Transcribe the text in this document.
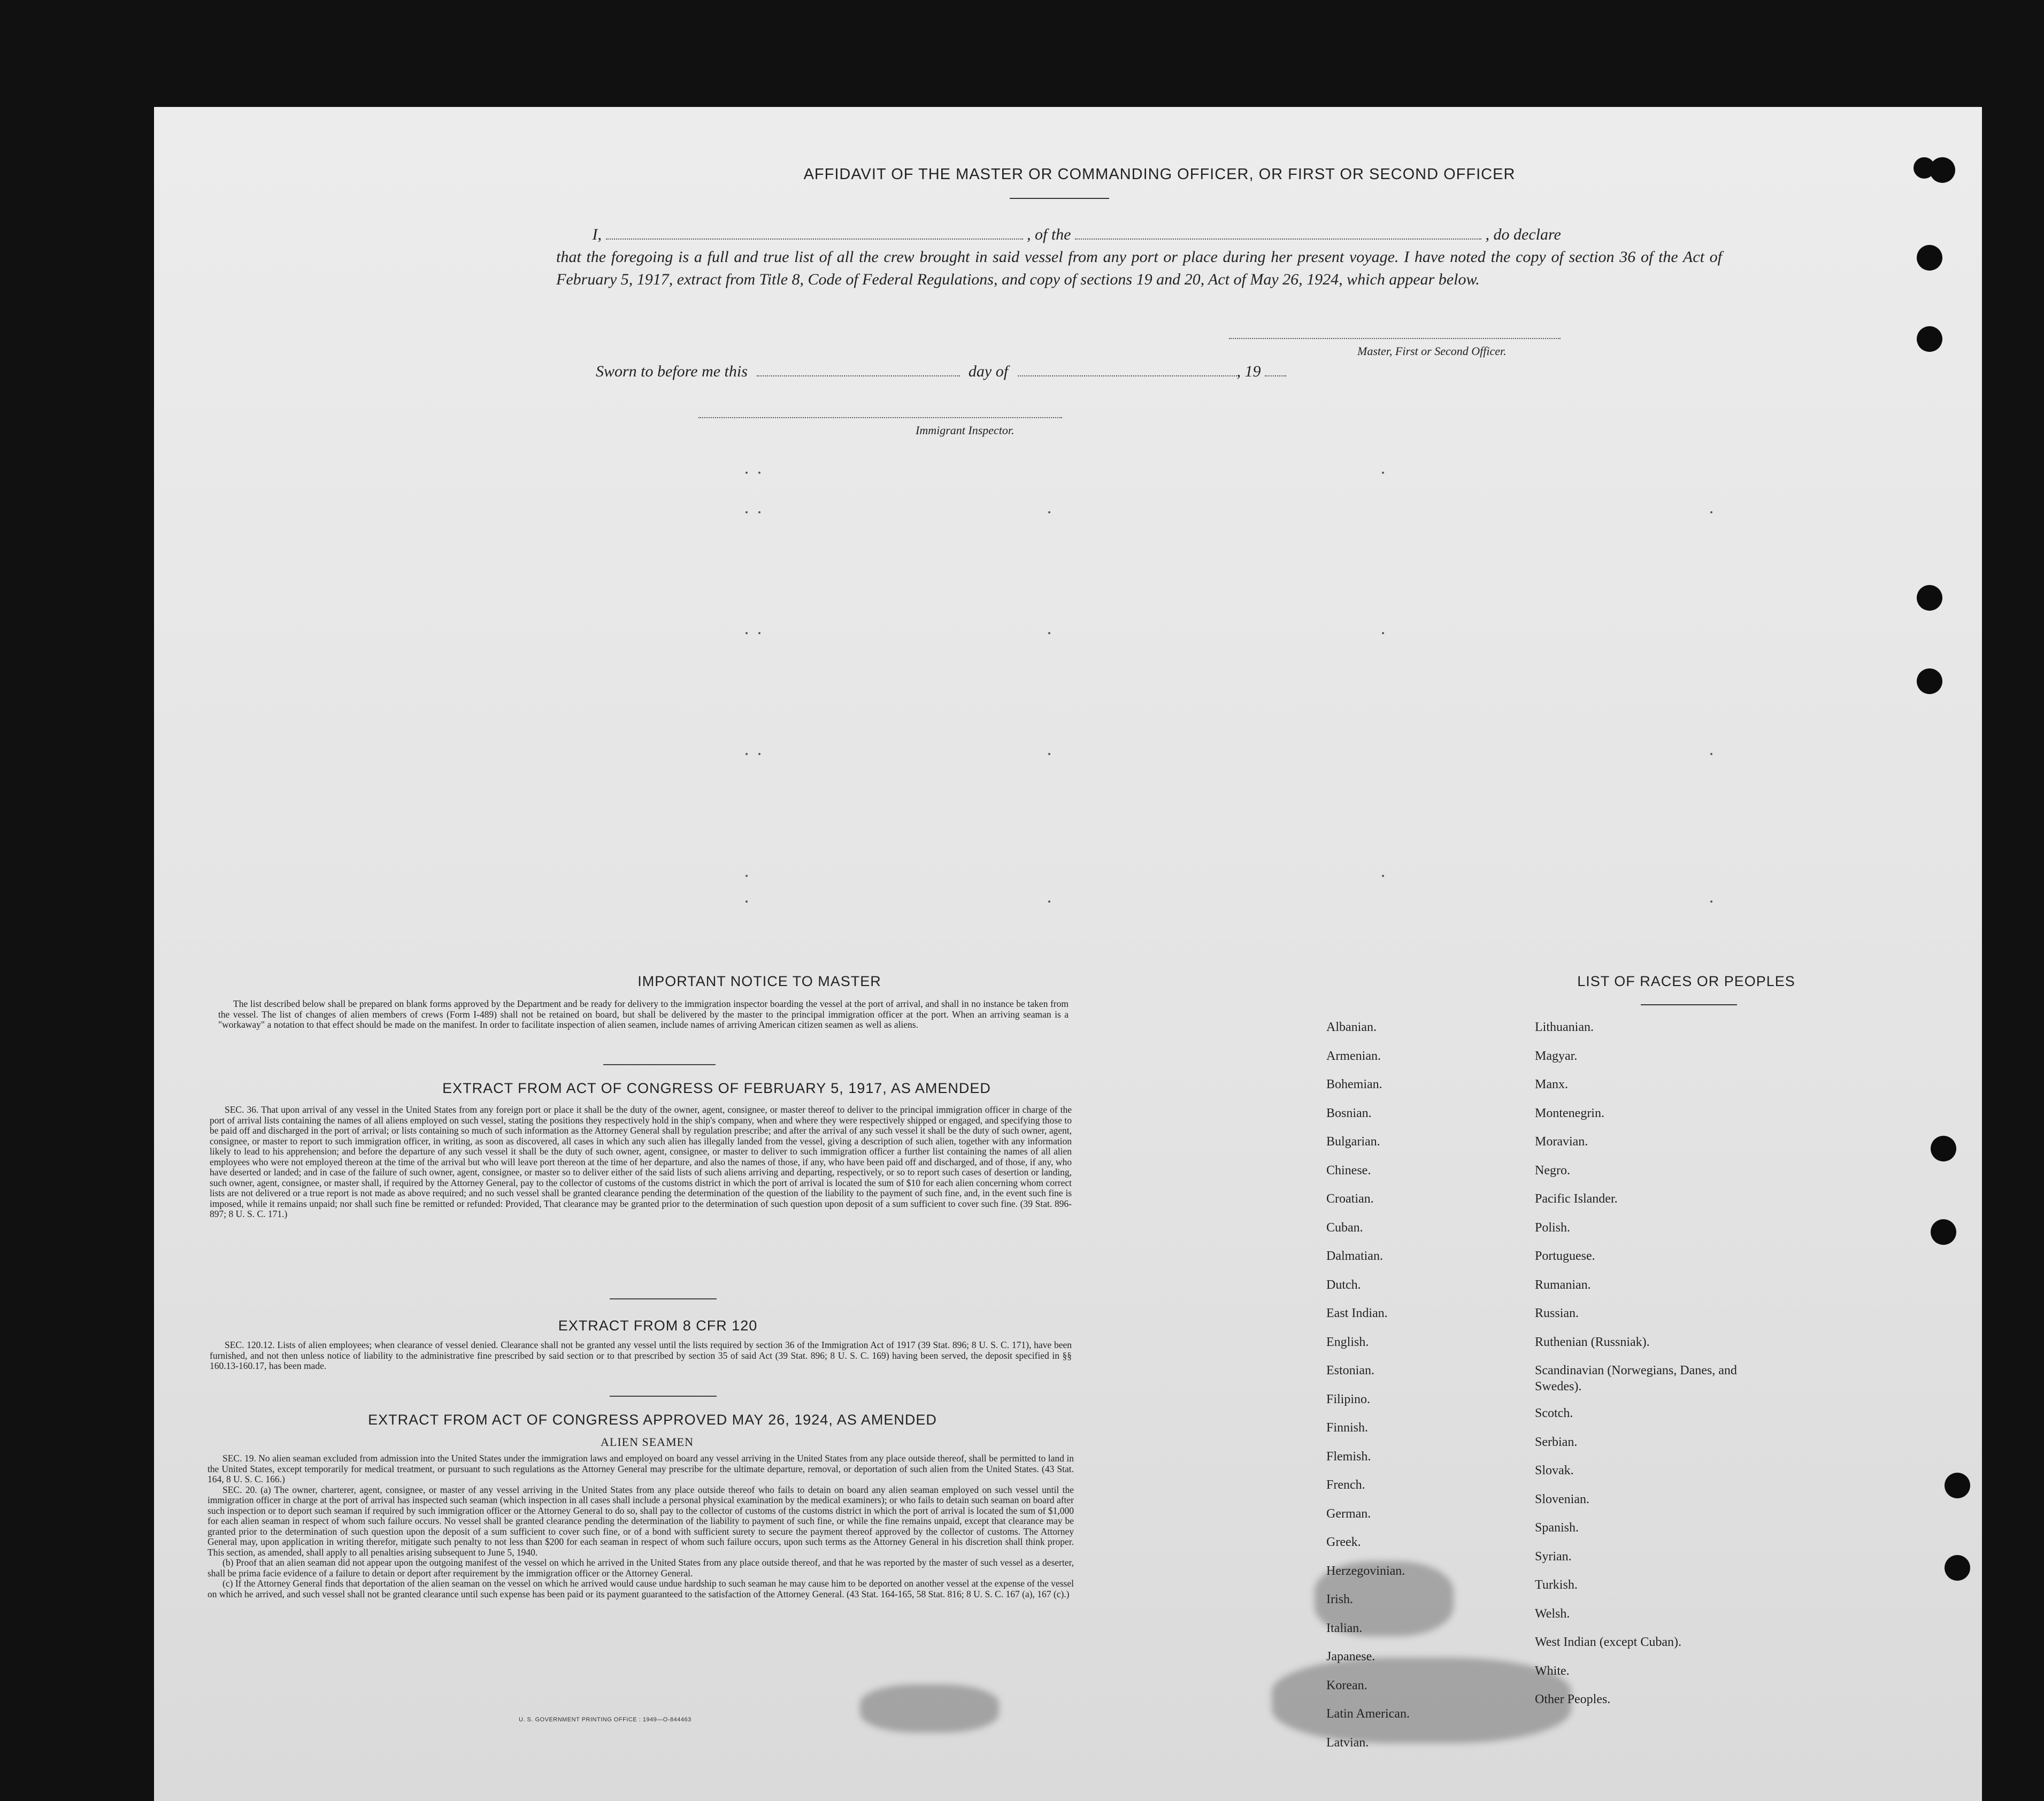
AFFIDAVIT OF THE MASTER OR COMMANDING OFFICER, OR FIRST OR SECOND OFFICER
I,	, of the	, do declare
that the foregoing is a full and true list of all the crew brought in said vessel from any port or place during her present voyage. I have noted the copy of section 36 of the Act of February 5, 1917, extract from Title 8, Code of Federal Regulations, and copy of sections 19 and 20, Act of May 26, 1924, which appear below.
Master, First or Second Officer.
Sworn to before me this	day of	, 19
Immigrant Inspector.
IMPORTANT NOTICE TO MASTER

The list described below shall be prepared on blank forms approved by the Department and be ready for delivery to the immigration inspector boarding the vessel at the port of arrival, and shall in no instance be taken from the vessel. The list of changes of alien members of crews (Form I-489) shall not be retained on board, but shall be delivered by the master to the principal immigration officer at the port. When an arriving seaman is a "workaway" a notation to that effect should be made on the manifest. In order to facilitate inspection of alien seamen, include names of arriving American citizen seamen as well as aliens.

EXTRACT FROM ACT OF CONGRESS OF FEBRUARY 5, 1917, AS AMENDED

SEC. 36. That upon arrival of any vessel in the United States from any foreign port or place it shall be the duty of the owner, agent, consignee, or master thereof to deliver to the principal immigration officer in charge of the port of arrival lists containing the names of all aliens employed on such vessel, stating the positions they respectively hold in the ship's company, when and where they were respectively shipped or engaged, and specifying those to be paid off and discharged in the port of arrival; or lists containing so much of such information as the Attorney General shall by regulation prescribe; and after the arrival of any such vessel it shall be the duty of such owner, agent, consignee, or master to report to such immigration officer, in writing, as soon as discovered, all cases in which any such alien has illegally landed from the vessel, giving a description of such alien, together with any information likely to lead to his apprehension; and before the departure of any such vessel it shall be the duty of such owner, agent, consignee, or master to deliver to such immigration officer a further list containing the names of all alien employees who were not employed thereon at the time of the arrival but who will leave port thereon at the time of her departure, and also the names of those, if any, who have been paid off and discharged, and of those, if any, who have deserted or landed; and in case of the failure of such owner, agent, consignee, or master so to deliver either of the said lists of such aliens arriving and departing, respectively, or so to report such cases of desertion or landing, such owner, agent, consignee, or master shall, if required by the Attorney General, pay to the collector of customs of the customs district in which the port of arrival is located the sum of $10 for each alien concerning whom correct lists are not delivered or a true report is not made as above required; and no such vessel shall be granted clearance pending the determination of the question of the liability to the payment of such fine, and, in the event such fine is imposed, while it remains unpaid; nor shall such fine be remitted or refunded: Provided, That clearance may be granted prior to the determination of such question upon deposit of a sum sufficient to cover such fine. (39 Stat. 896-897; 8 U. S. C. 171.)

EXTRACT FROM 8 CFR 120

SEC. 120.12. Lists of alien employees; when clearance of vessel denied. Clearance shall not be granted any vessel until the lists required by section 36 of the Immigration Act of 1917 (39 Stat. 896; 8 U. S. C. 171), have been furnished, and not then unless notice of liability to the administrative fine prescribed by said section or to that prescribed by section 35 of said Act (39 Stat. 896; 8 U. S. C. 169) having been served, the deposit specified in §§ 160.13-160.17, has been made.

EXTRACT FROM ACT OF CONGRESS APPROVED MAY 26, 1924, AS AMENDED
ALIEN SEAMEN

SEC. 19. No alien seaman excluded from admission into the United States under the immigration laws and employed on board any vessel arriving in the United States from any place outside thereof, shall be permitted to land in the United States, except temporarily for medical treatment, or pursuant to such regulations as the Attorney General may prescribe for the ultimate departure, removal, or deportation of such alien from the United States. (43 Stat. 164, 8 U. S. C. 166.)

SEC. 20. (a) The owner, charterer, agent, consignee, or master of any vessel arriving in the United States from any place outside thereof who fails to detain on board any alien seaman employed on such vessel until the immigration officer in charge at the port of arrival has inspected such seaman (which inspection in all cases shall include a personal physical examination by the medical examiners); or who fails to detain such seaman on board after such inspection or to deport such seaman if required by such immigration officer or the Attorney General to do so, shall pay to the collector of customs of the customs district in which the port of arrival is located the sum of $1,000 for each alien seaman in respect of whom such failure occurs. No vessel shall be granted clearance pending the determination of the liability to payment of such fine, or while the fine remains unpaid, except that clearance may be granted prior to the determination of such question upon the deposit of a sum sufficient to cover such fine, or of a bond with sufficient surety to secure the payment thereof approved by the collector of customs. The Attorney General may, upon application in writing therefor, mitigate such penalty to not less than $200 for each seaman in respect of whom such failure occurs, upon such terms as the Attorney General in his discretion shall think proper. This section, as amended, shall apply to all penalties arising subsequent to June 5, 1940.

(b) Proof that an alien seaman did not appear upon the outgoing manifest of the vessel on which he arrived in the United States from any place outside thereof, and that he was reported by the master of such vessel as a deserter, shall be prima facie evidence of a failure to detain or deport after requirement by the immigration officer or the Attorney General.

(c) If the Attorney General finds that deportation of the alien seaman on the vessel on which he arrived would cause undue hardship to such seaman he may cause him to be deported on another vessel at the expense of the vessel on which he arrived, and such vessel shall not be granted clearance until such expense has been paid or its payment guaranteed to the satisfaction of the Attorney General. (43 Stat. 164-165, 58 Stat. 816; 8 U. S. C. 167 (a), 167 (c).)

U. S. GOVERNMENT PRINTING OFFICE : 1949—O-844463
LIST OF RACES OR PEOPLES
Albanian.
Armenian.
Bohemian.
Bosnian.
Bulgarian.
Chinese.
Croatian.
Cuban.
Dalmatian.
Dutch.
East Indian.
English.
Estonian.
Filipino.
Finnish.
Flemish.
French.
German.
Greek.
Herzegovinian.
Irish.
Italian.
Japanese.
Korean.
Latin American.
Latvian.
Lithuanian.
Magyar.
Manx.
Montenegrin.
Moravian.
Negro.
Pacific Islander.
Polish.
Portuguese.
Rumanian.
Russian.
Ruthenian (Russniak).
Scandinavian (Norwegians, Danes, and Swedes).
Scotch.
Serbian.
Slovak.
Slovenian.
Spanish.
Syrian.
Turkish.
Welsh.
West Indian (except Cuban).
White.
Other Peoples.
